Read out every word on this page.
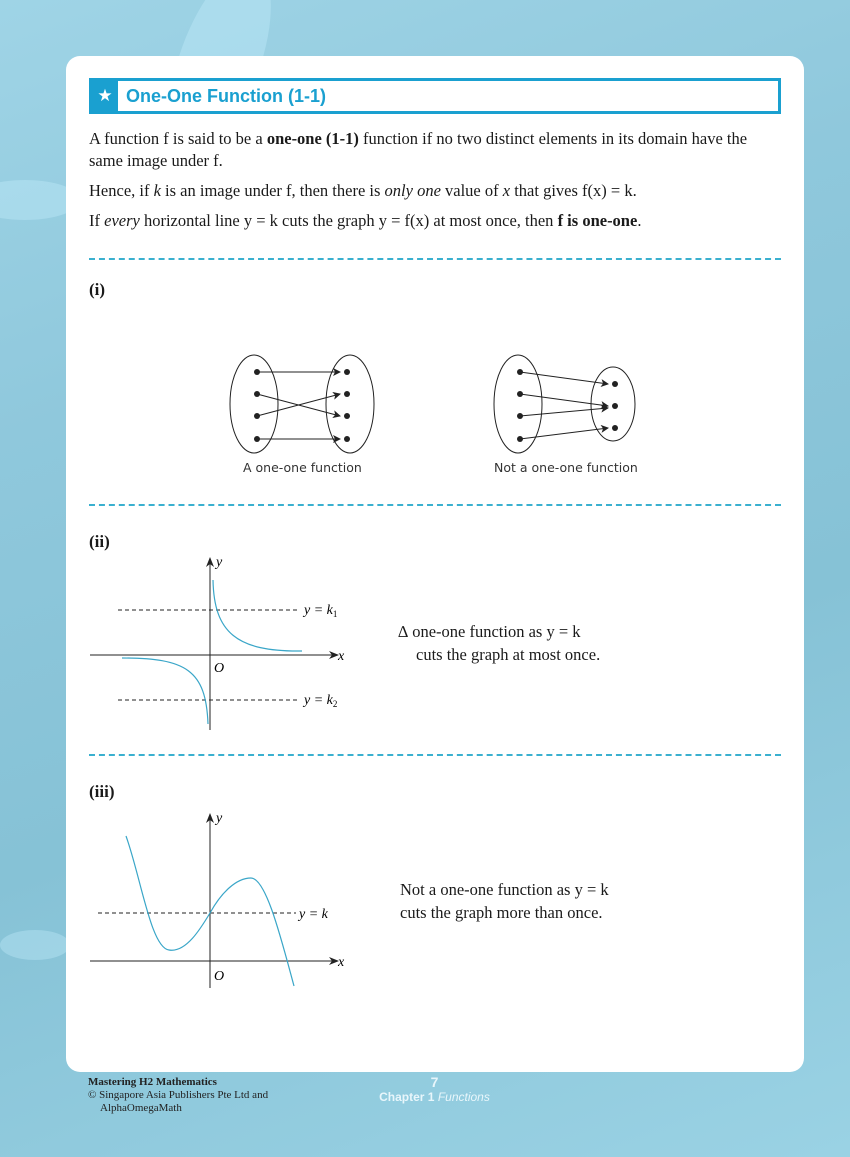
★ One-One Function (1-1)
A function f is said to be a one-one (1-1) function if no two distinct elements in its domain have the same image under f.
Hence, if k is an image under f, then there is only one value of x that gives f(x) = k.
If every horizontal line y = k cuts the graph y = f(x) at most once, then f is one-one.
(i)
A one-one function	Not a one-one function
(ii)
y
x
O
$y = k_1$
$y = k_2$
∆ one-one function as y = k
cuts the graph at most once.
(iii)
y
x
O
y = k
Not a one-one function as y = k
cuts the graph more than once.
Mastering H2 Mathematics
© Singapore Asia Publishers Pte Ltd and
AlphaOmegaMath
7
Chapter 1 Functions
